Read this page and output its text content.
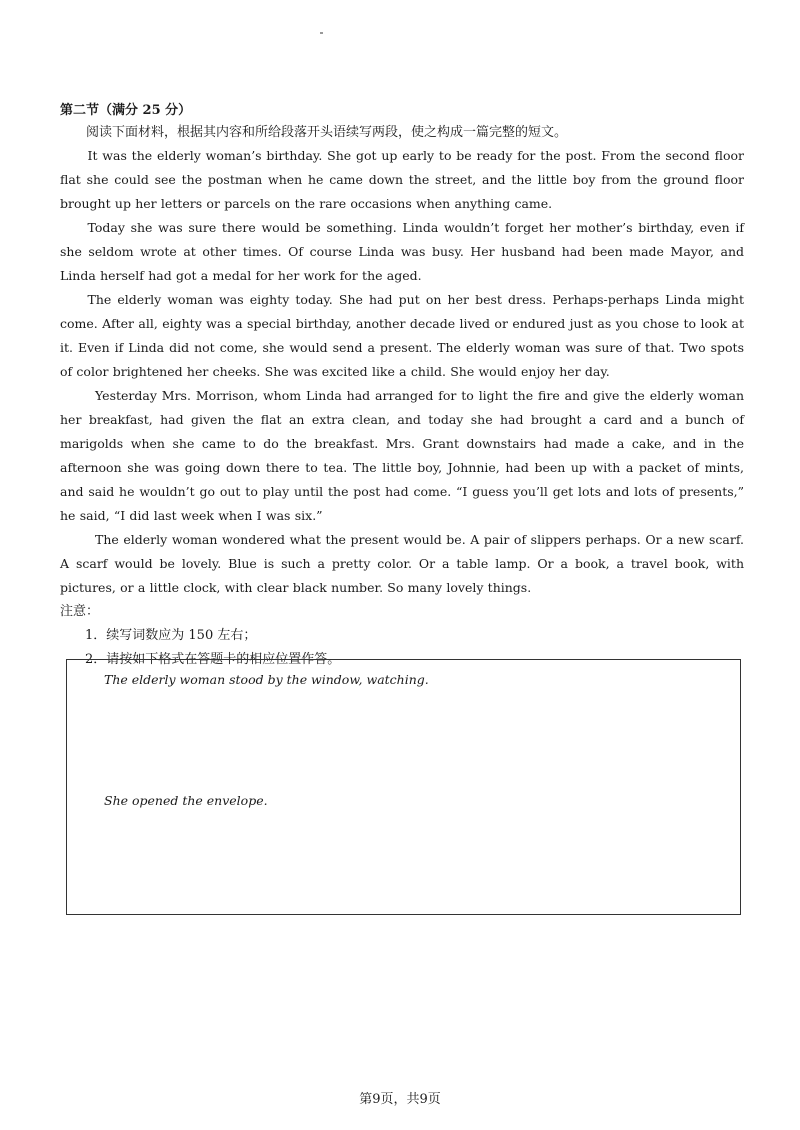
第二节（满分 25 分）

阅读下面材料，根据其内容和所给段落开头语续写两段，使之构成一篇完整的短文。

It was the elderly woman’s birthday. She got up early to be ready for the post. From the second floor flat she could see the postman when he came down the street, and the little boy from the ground floor brought up her letters or parcels on the rare occasions when anything came.

Today she was sure there would be something. Linda wouldn’t forget her mother’s birthday, even if she seldom wrote at other times. Of course Linda was busy. Her husband had been made Mayor, and Linda herself had got a medal for her work for the aged.

The elderly woman was eighty today. She had put on her best dress. Perhaps-perhaps Linda might come. After all, eighty was a special birthday, another decade lived or endured just as you chose to look at it. Even if Linda did not come, she would send a present. The elderly woman was sure of that. Two spots of color brightened her cheeks. She was excited like a child. She would enjoy her day.

Yesterday Mrs. Morrison, whom Linda had arranged for to light the fire and give the elderly woman her breakfast, had given the flat an extra clean, and today she had brought a card and a bunch of marigolds when she came to do the breakfast. Mrs. Grant downstairs had made a cake, and in the afternoon she was going down there to tea. The little boy, Johnnie, had been up with a packet of mints, and said he wouldn’t go out to play until the post had come. “I guess you’ll get lots and lots of presents,” he said, “I did last week when I was six.”

The elderly woman wondered what the present would be. A pair of slippers perhaps. Or a new scarf. A scarf would be lovely. Blue is such a pretty color. Or a table lamp. Or a book, a travel book, with pictures, or a little clock, with clear black number. So many lovely things.

注意：

1．续写词数应为 150 左右；
2．请按如下格式在答题卡的相应位置作答。

The elderly woman stood by the window, watching.

She opened the envelope.

第9页，共9页
